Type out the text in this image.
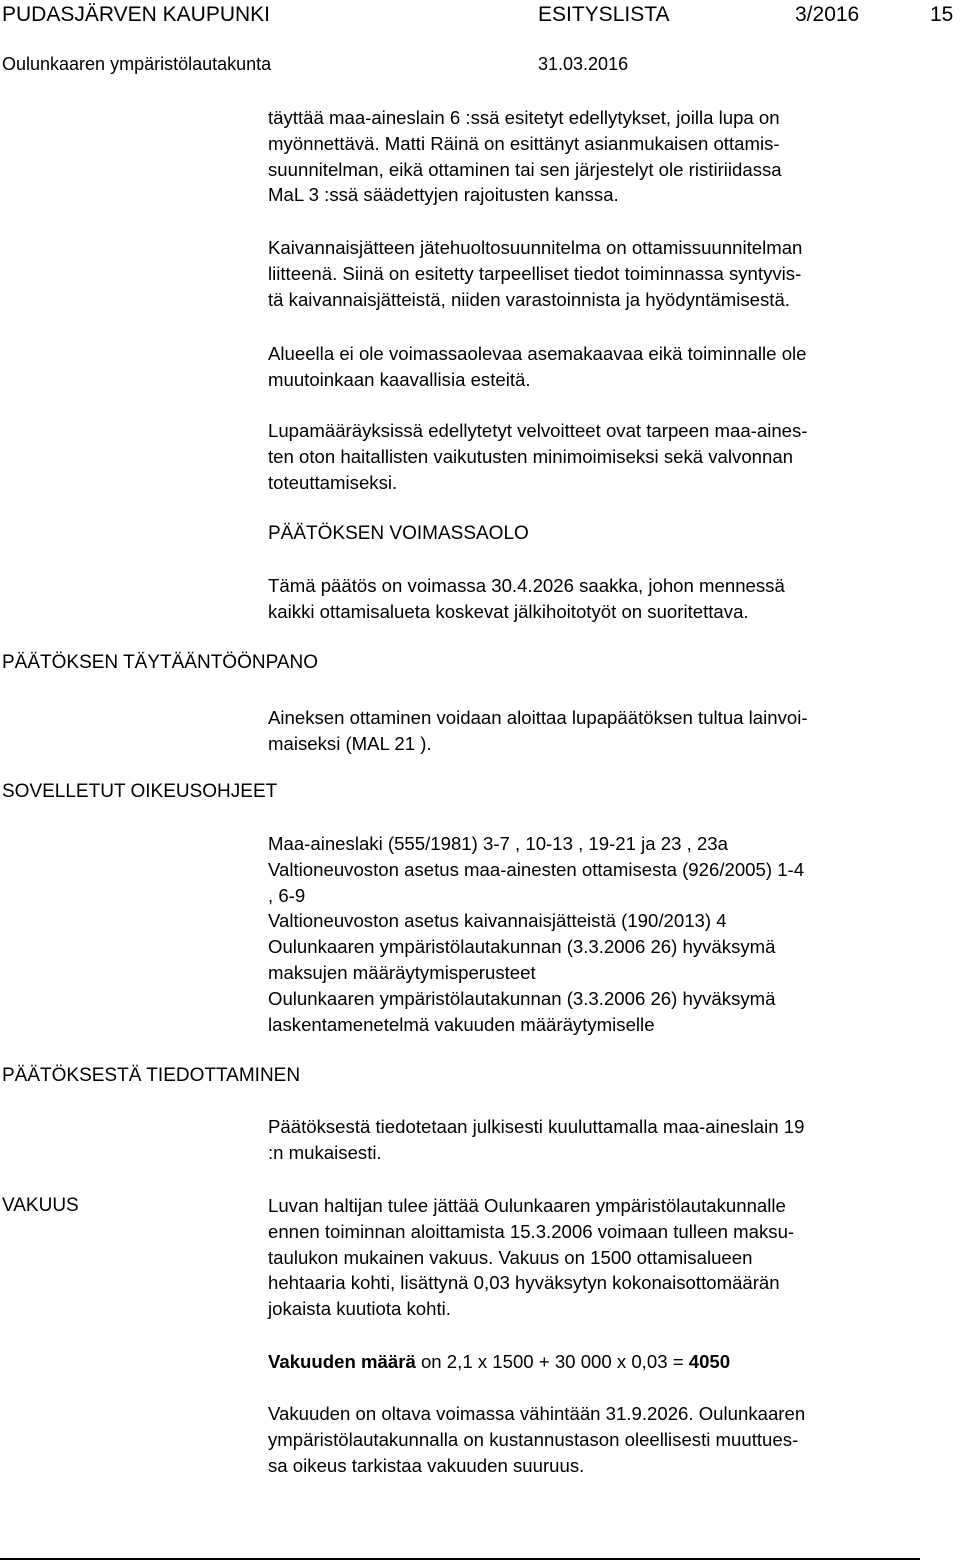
PUDASJÄRVEN KAUPUNKI	ESITYSLISTA	3/2016	15
Oulunkaaren ympäristölautakunta	31.03.2016
PÄÄTÖKSEN TÄYTÄÄNTÖÖNPANO
SOVELLETUT OIKEUSOHJEET
PÄÄTÖKSESTÄ TIEDOTTAMINEN
VAKUUS

täyttää maa-aineslain 6 :ssä esitetyt edellytykset, joilla lupa on
myönnettävä. Matti Räinä on esittänyt asianmukaisen ottamis-
suunnitelman, eikä ottaminen tai sen järjestelyt ole ristiriidassa
MaL 3 :ssä säädettyjen rajoitusten kanssa.

Kaivannaisjätteen jätehuoltosuunnitelma on ottamissuunnitelman
liitteenä. Siinä on esitetty tarpeelliset tiedot toiminnassa syntyvis-
tä kaivannaisjätteistä, niiden varastoinnista ja hyödyntämisestä.

Alueella ei ole voimassaolevaa asemakaavaa eikä toiminnalle ole
muutoinkaan kaavallisia esteitä.

Lupamääräyksissä edellytetyt velvoitteet ovat tarpeen maa-aines-
ten oton haitallisten vaikutusten minimoimiseksi sekä valvonnan
toteuttamiseksi.

PÄÄTÖKSEN VOIMASSAOLO

Tämä päätös on voimassa 30.4.2026 saakka, johon mennessä
kaikki ottamisalueta koskevat jälkihoitotyöt on suoritettava.

Aineksen ottaminen voidaan aloittaa lupapäätöksen tultua lainvoi-
maiseksi (MAL 21 ).

Maa-aineslaki (555/1981) 3-7 , 10-13 , 19-21 ja 23 , 23a
Valtioneuvoston asetus maa-ainesten ottamisesta (926/2005) 1-4
, 6-9
Valtioneuvoston asetus kaivannaisjätteistä (190/2013) 4
Oulunkaaren ympäristölautakunnan (3.3.2006 26) hyväksymä
maksujen määräytymisperusteet
Oulunkaaren ympäristölautakunnan (3.3.2006 26) hyväksymä
laskentamenetelmä vakuuden määräytymiselle

Päätöksestä tiedotetaan julkisesti kuuluttamalla maa-aineslain 19
:n mukaisesti.

Luvan haltijan tulee jättää Oulunkaaren ympäristölautakunnalle
ennen toiminnan aloittamista 15.3.2006 voimaan tulleen maksu-
taulukon mukainen vakuus. Vakuus on 1500 ottamisalueen
hehtaaria kohti, lisättynä 0,03 hyväksytyn kokonaisottomäärän
jokaista kuutiota kohti.

Vakuuden määrä on 2,1 x 1500 + 30 000 x 0,03 = 4050

Vakuuden on oltava voimassa vähintään 31.9.2026. Oulunkaaren
ympäristölautakunnalla on kustannustason oleellisesti muuttues-
sa oikeus tarkistaa vakuuden suuruus.
